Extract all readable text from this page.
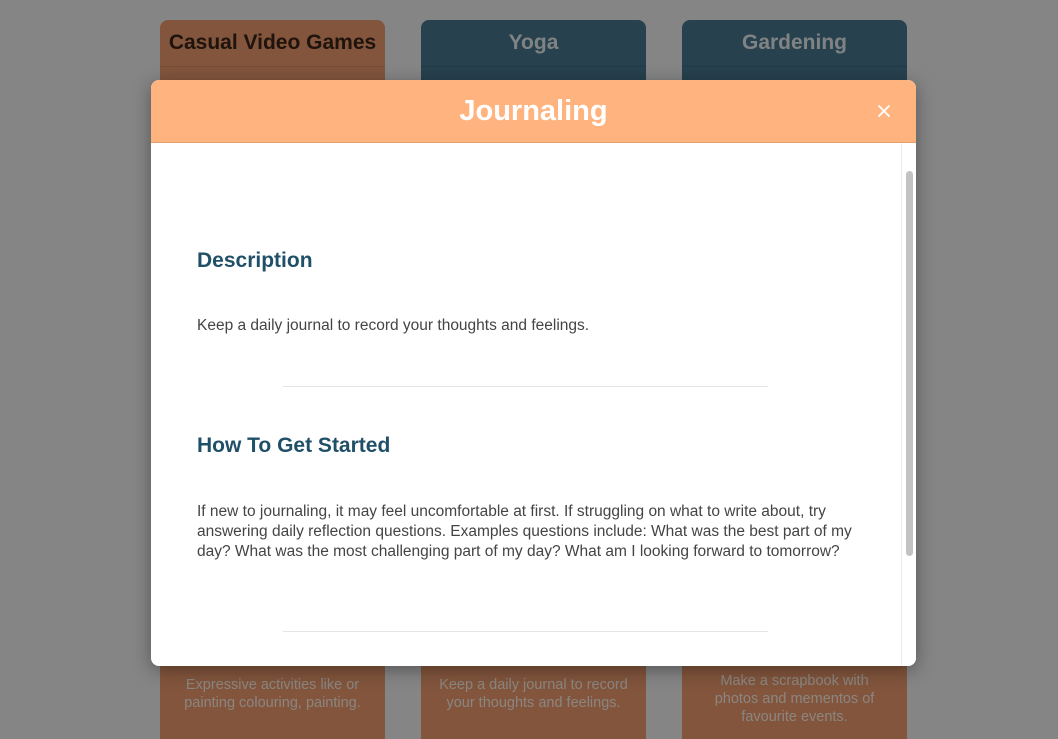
Casual Video Games	Yoga	Gardening
Expressive activities like or painting colouring, painting.
Keep a daily journal to record your thoughts and feelings.
Make a scrapbook with photos and mementos of favourite events.
Journaling
Description

Keep a daily journal to record your thoughts and feelings.

How To Get Started

If new to journaling, it may feel uncomfortable at first. If struggling on what to write about, try answering daily reflection questions. Examples questions include: What was the best part of my day? What was the most challenging part of my day? What am I looking forward to tomorrow?
